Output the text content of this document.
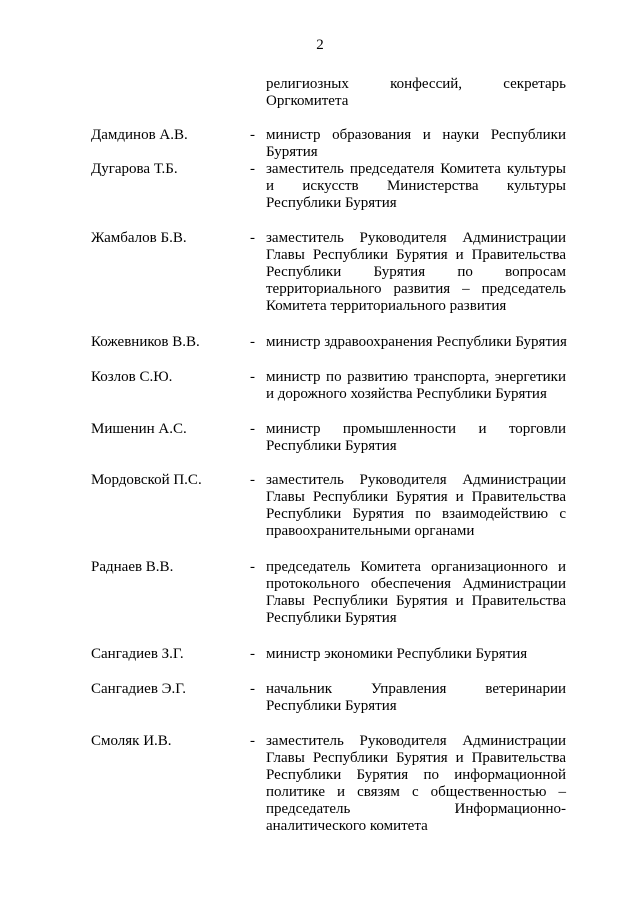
2
религиозных конфессий, секретарь
Оргкомитета
Дамдинов А.В.	- министр образования и науки Республики
Бурятия
Дугарова Т.Б.	- заместитель председателя Комитета культуры
и искусств Министерства культуры
Республики Бурятия
Жамбалов Б.В.	- заместитель Руководителя Администрации
Главы Республики Бурятия и Правительства
Республики Бурятия по вопросам
территориального развития – председатель
Комитета территориального развития
Кожевников В.В.	- министр здравоохранения Республики Бурятия
Козлов С.Ю.	- министр по развитию транспорта, энергетики
и дорожного хозяйства Республики Бурятия
Мишенин А.С.	- министр промышленности и торговли
Республики Бурятия
Мордовской П.С.	- заместитель Руководителя Администрации
Главы Республики Бурятия и Правительства
Республики Бурятия по взаимодействию с
правоохранительными органами
Раднаев В.В.	- председатель Комитета организационного и
протокольного обеспечения Администрации
Главы Республики Бурятия и Правительства
Республики Бурятия
Сангадиев З.Г.	- министр экономики Республики Бурятия
Сангадиев Э.Г.	- начальник Управления ветеринарии
Республики Бурятия
Смоляк И.В.	- заместитель Руководителя Администрации
Главы Республики Бурятия и Правительства
Республики Бурятия по информационной
политике и связям с общественностью –
председатель Информационно-
аналитического комитета
